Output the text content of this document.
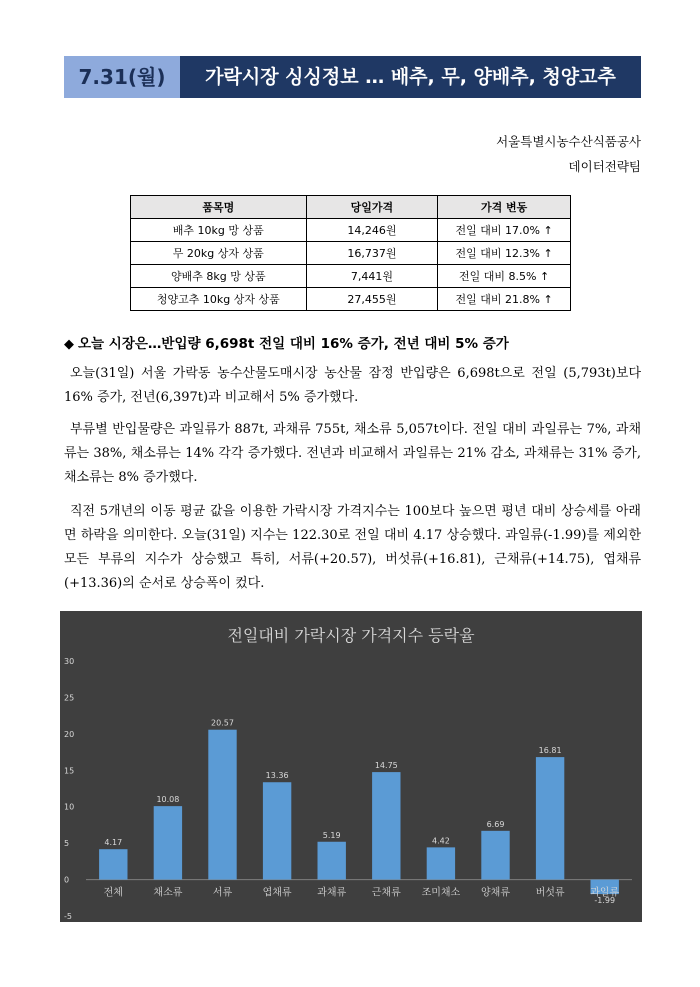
7.31(월)	가락시장 싱싱정보 … 배추, 무, 양배추, 청양고추
서울특별시농수산식품공사
데이터전략팀
품목명	당일가격	가격 변동
배추 10kg 망 상품	14,246원	전일 대비 17.0% ↑
무 20kg 상자 상품	16,737원	전일 대비 12.3% ↑
양배추 8kg 망 상품	7,441원	전일 대비 8.5% ↑
청양고추 10kg 상자 상품	27,455원	전일 대비 21.8% ↑
◆ 오늘 시장은…반입량 6,698t 전일 대비 16% 증가, 전년 대비 5% 증가
오늘(31일) 서울 가락동 농수산물도매시장 농산물 잠정 반입량은 6,698t으로 전일 (5,793t)보다 16% 증가, 전년(6,397t)과 비교해서 5% 증가했다.
부류별 반입물량은 과일류가 887t, 과채류 755t, 채소류 5,057t이다. 전일 대비 과일류는 7%, 과채류는 38%, 채소류는 14% 각각 증가했다. 전년과 비교해서 과일류는 21% 감소, 과채류는 31% 증가, 채소류는 8% 증가했다.
직전 5개년의 이동 평균 값을 이용한 가락시장 가격지수는 100보다 높으면 평년 대비 상승세를 아래면 하락을 의미한다. 오늘(31일) 지수는 122.30로 전일 대비 4.17 상승했다. 과일류(-1.99)를 제외한 모든 부류의 지수가 상승했고 특히, 서류(+20.57), 버섯류(+16.81), 근채류(+14.75), 엽채류(+13.36)의 순서로 상승폭이 컸다.
전일대비 가락시장 가격지수 등락율
-5
0
5
10
15
20
25
30
4.17
전체
10.08
채소류
20.57
서류
13.36
엽채류
5.19
과채류
14.75
근채류
4.42
조미채소
6.69
양채류
16.81
버섯류
-1.99
과일류
